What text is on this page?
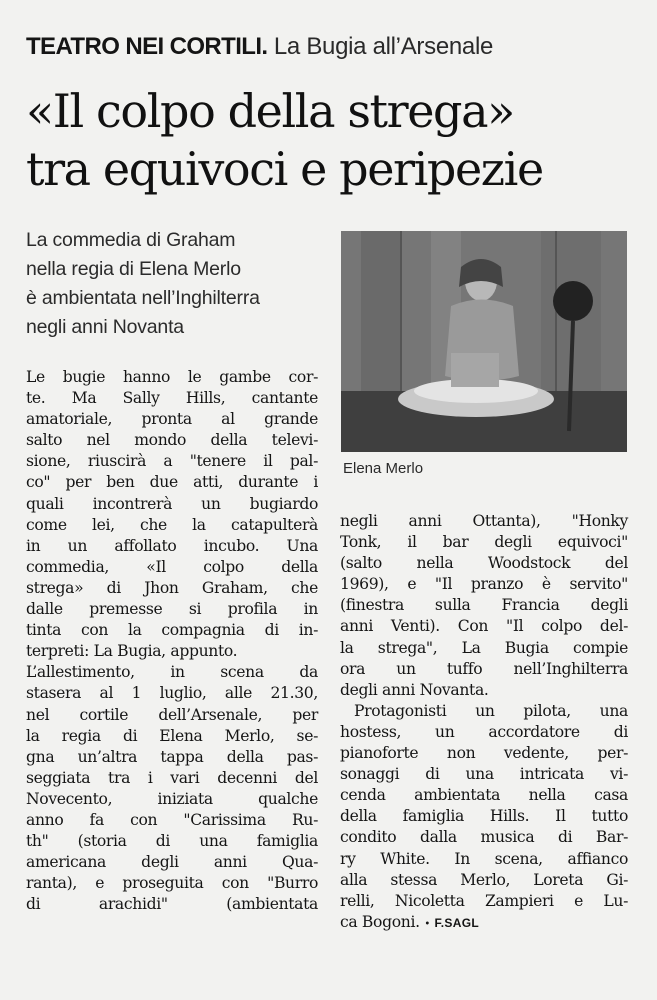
TEATRO NEI CORTILI. La Bugia all’Arsenale
«Il colpo della strega»
tra equivoci e peripezie
La commedia di Graham
nella regia di Elena Merlo
è ambientata nell’Inghilterra
negli anni Novanta
Elena Merlo
Le bugie hanno le gambe cor-
te. Ma Sally Hills, cantante
amatoriale, pronta al grande
salto nel mondo della televi-
sione, riuscirà a "tenere il pal-
co" per ben due atti, durante i
quali incontrerà un bugiardo
come lei, che la catapulterà
in un affollato incubo. Una
commedia, «Il colpo della
strega» di Jhon Graham, che
dalle premesse si profila in
tinta con la compagnia di in-
terpreti: La Bugia, appunto.
L’allestimento, in scena da
stasera al 1 luglio, alle 21.30,
nel cortile dell’Arsenale, per
la regia di Elena Merlo, se-
gna un’altra tappa della pas-
seggiata tra i vari decenni del
Novecento, iniziata qualche
anno fa con "Carissima Ru-
th" (storia di una famiglia
americana degli anni Qua-
ranta), e proseguita con "Burro
di arachidi" (ambientata
negli anni Ottanta), "Honky
Tonk, il bar degli equivoci"
(salto nella Woodstock del
1969), e "Il pranzo è servito"
(finestra sulla Francia degli
anni Venti). Con "Il colpo del-
la strega", La Bugia compie
ora un tuffo nell’Inghilterra
degli anni Novanta.
Protagonisti un pilota, una
hostess, un accordatore di
pianoforte non vedente, per-
sonaggi di una intricata vi-
cenda ambientata nella casa
della famiglia Hills. Il tutto
condito dalla musica di Bar-
ry White. In scena, affianco
alla stessa Merlo, Loreta Gi-
relli, Nicoletta Zampieri e Lu-
ca Bogoni. • F.SAGL
